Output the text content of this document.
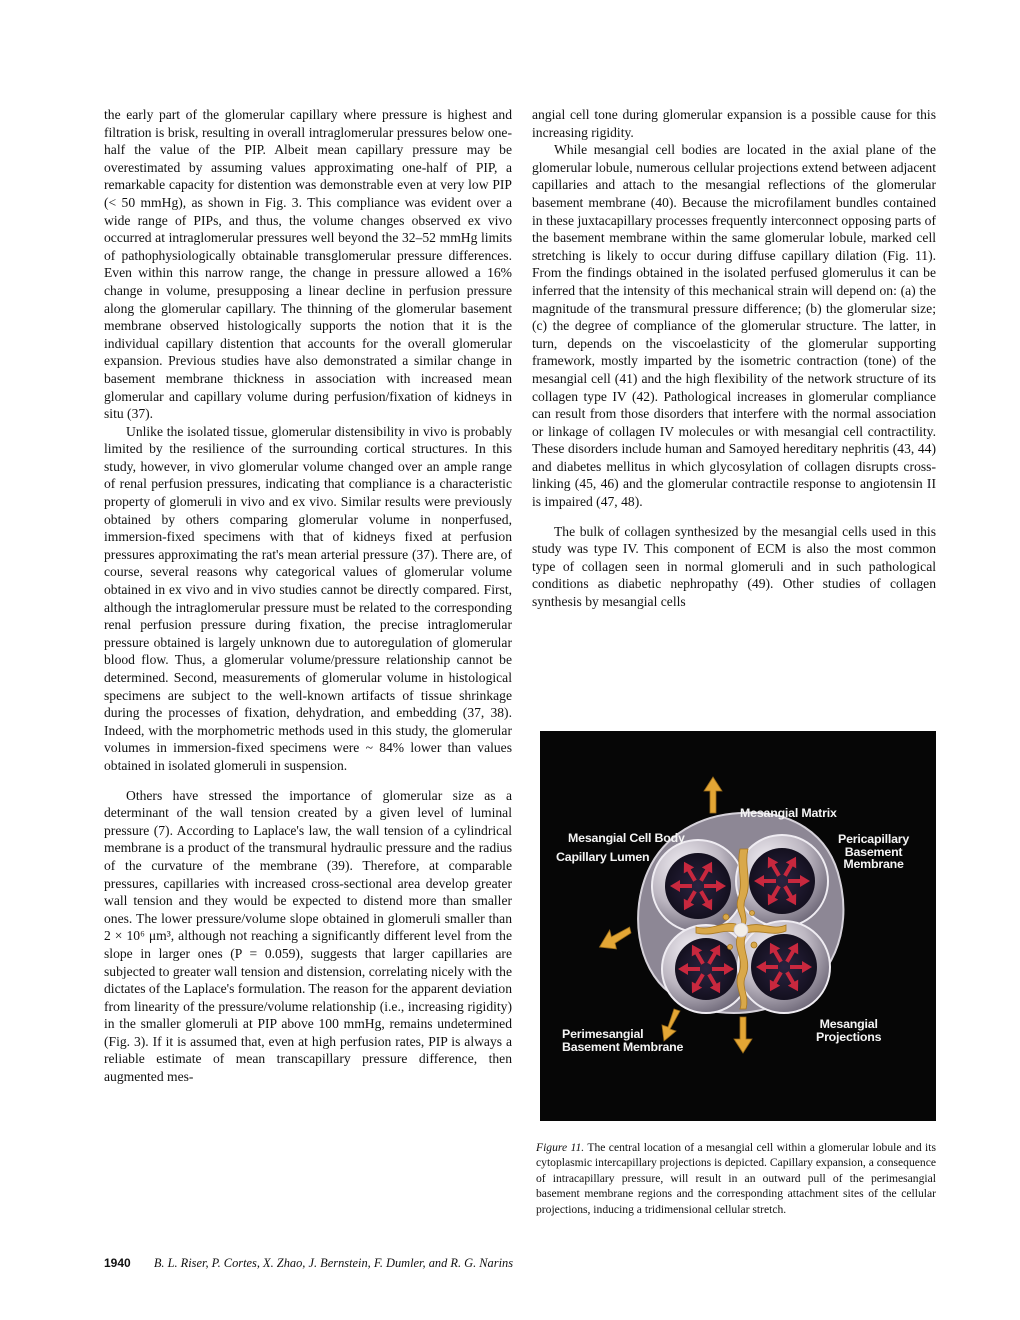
the early part of the glomerular capillary where pressure is highest and filtration is brisk, resulting in overall intraglomerular pressures below one-half the value of the PIP. Albeit mean capillary pressure may be overestimated by assuming values approximating one-half of PIP, a remarkable capacity for distention was demonstrable even at very low PIP (< 50 mmHg), as shown in Fig. 3. This compliance was evident over a wide range of PIPs, and thus, the volume changes observed ex vivo occurred at intraglomerular pressures well beyond the 32–52 mmHg limits of pathophysiologically obtainable transglomerular pressure differences. Even within this narrow range, the change in pressure allowed a 16% change in volume, presupposing a linear decline in perfusion pressure along the glomerular capillary. The thinning of the glomerular basement membrane observed histologically supports the notion that it is the individual capillary distention that accounts for the overall glomerular expansion. Previous studies have also demonstrated a similar change in basement membrane thickness in association with increased mean glomerular and capillary volume during perfusion/fixation of kidneys in situ (37).

Unlike the isolated tissue, glomerular distensibility in vivo is probably limited by the resilience of the surrounding cortical structures. In this study, however, in vivo glomerular volume changed over an ample range of renal perfusion pressures, indicating that compliance is a characteristic property of glomeruli in vivo and ex vivo. Similar results were previously obtained by others comparing glomerular volume in nonperfused, immersion-fixed specimens with that of kidneys fixed at perfusion pressures approximating the rat's mean arterial pressure (37). There are, of course, several reasons why categorical values of glomerular volume obtained in ex vivo and in vivo studies cannot be directly compared. First, although the intraglomerular pressure must be related to the corresponding renal perfusion pressure during fixation, the precise intraglomerular pressure obtained is largely unknown due to autoregulation of glomerular blood flow. Thus, a glomerular volume/pressure relationship cannot be determined. Second, measurements of glomerular volume in histological specimens are subject to the well-known artifacts of tissue shrinkage during the processes of fixation, dehydration, and embedding (37, 38). Indeed, with the morphometric methods used in this study, the glomerular volumes in immersion-fixed specimens were ~ 84% lower than values obtained in isolated glomeruli in suspension.

Others have stressed the importance of glomerular size as a determinant of the wall tension created by a given level of luminal pressure (7). According to Laplace's law, the wall tension of a cylindrical membrane is a product of the transmural hydraulic pressure and the radius of the curvature of the membrane (39). Therefore, at comparable pressures, capillaries with increased cross-sectional area develop greater wall tension and they would be expected to distend more than smaller ones. The lower pressure/volume slope obtained in glomeruli smaller than 2 × 10⁶ μm³, although not reaching a significantly different level from the slope in larger ones (P = 0.059), suggests that larger capillaries are subjected to greater wall tension and distension, correlating nicely with the dictates of the Laplace's formulation. The reason for the apparent deviation from linearity of the pressure/volume relationship (i.e., increasing rigidity) in the smaller glomeruli at PIP above 100 mmHg, remains undetermined (Fig. 3). If it is assumed that, even at high perfusion rates, PIP is always a reliable estimate of mean transcapillary pressure difference, then augmented mes-

angial cell tone during glomerular expansion is a possible cause for this increasing rigidity.

While mesangial cell bodies are located in the axial plane of the glomerular lobule, numerous cellular projections extend between adjacent capillaries and attach to the mesangial reflections of the glomerular basement membrane (40). Because the microfilament bundles contained in these juxtacapillary processes frequently interconnect opposing parts of the basement membrane within the same glomerular lobule, marked cell stretching is likely to occur during diffuse capillary dilation (Fig. 11). From the findings obtained in the isolated perfused glomerulus it can be inferred that the intensity of this mechanical strain will depend on: (a) the magnitude of the transmural pressure difference; (b) the glomerular size; (c) the degree of compliance of the glomerular structure. The latter, in turn, depends on the viscoelasticity of the glomerular supporting framework, mostly imparted by the isometric contraction (tone) of the mesangial cell (41) and the high flexibility of the network structure of its collagen type IV (42). Pathological increases in glomerular compliance can result from those disorders that interfere with the normal association or linkage of collagen IV molecules or with mesangial cell contractility. These disorders include human and Samoyed hereditary nephritis (43, 44) and diabetes mellitus in which glycosylation of collagen disrupts cross-linking (45, 46) and the glomerular contractile response to angiotensin II is impaired (47, 48).

The bulk of collagen synthesized by the mesangial cells used in this study was type IV. This component of ECM is also the most common type of collagen seen in normal glomeruli and in such pathological conditions as diabetic nephropathy (49). Other studies of collagen synthesis by mesangial cells

Mesangial Matrix
Mesangial Cell Body
Capillary Lumen
Pericapillary
Basement
Membrane
Perimesangial
Basement Membrane
Mesangial
Projections
Figure 11. The central location of a mesangial cell within a glomerular lobule and its cytoplasmic intercapillary projections is depicted. Capillary expansion, a consequence of intracapillary pressure, will result in an outward pull of the perimesangial basement membrane regions and the corresponding attachment sites of the cellular projections, inducing a tridimensional cellular stretch.
1940 B. L. Riser, P. Cortes, X. Zhao, J. Bernstein, F. Dumler, and R. G. Narins
